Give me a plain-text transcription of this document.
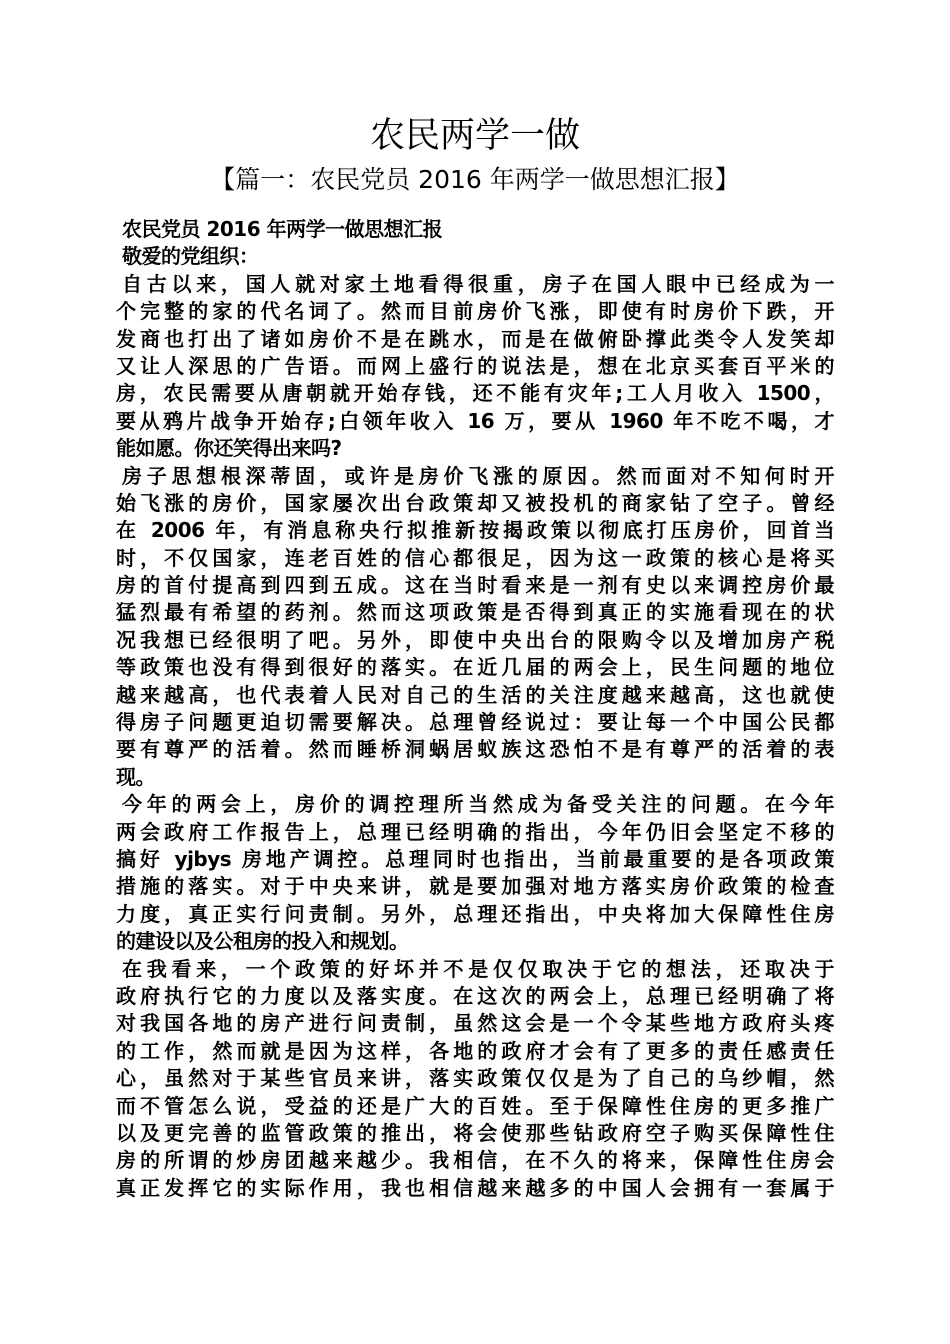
农民两学一做
【篇一：农民党员 2016 年两学一做思想汇报】
农民党员 2016 年两学一做思想汇报
敬爱的党组织：
自古以来，国人就对家土地看得很重，房子在国人眼中已经成为一
个完整的家的代名词了。然而目前房价飞涨，即使有时房价下跌，开
发商也打出了诸如房价不是在跳水，而是在做俯卧撑此类令人发笑却
又让人深思的广告语。而网上盛行的说法是，想在北京买套百平米的
房，农民需要从唐朝就开始存钱，还不能有灾年;工人月收入 1500，
要从鸦片战争开始存;白领年收入 16 万，要从 1960 年不吃不喝，才
能如愿。你还笑得出来吗?
房子思想根深蒂固，或许是房价飞涨的原因。然而面对不知何时开
始飞涨的房价，国家屡次出台政策却又被投机的商家钻了空子。曾经
在 2006 年，有消息称央行拟推新按揭政策以彻底打压房价，回首当
时，不仅国家，连老百姓的信心都很足，因为这一政策的核心是将买
房的首付提高到四到五成。这在当时看来是一剂有史以来调控房价最
猛烈最有希望的药剂。然而这项政策是否得到真正的实施看现在的状
况我想已经很明了吧。另外，即使中央出台的限购令以及增加房产税
等政策也没有得到很好的落实。在近几届的两会上，民生问题的地位
越来越高，也代表着人民对自己的生活的关注度越来越高，这也就使
得房子问题更迫切需要解决。总理曾经说过：要让每一个中国公民都
要有尊严的活着。然而睡桥洞蜗居蚁族这恐怕不是有尊严的活着的表
现。
今年的两会上，房价的调控理所当然成为备受关注的问题。在今年
两会政府工作报告上，总理已经明确的指出，今年仍旧会坚定不移的
搞好 yjbys 房地产调控。总理同时也指出，当前最重要的是各项政策
措施的落实。对于中央来讲，就是要加强对地方落实房价政策的检查
力度，真正实行问责制。另外，总理还指出，中央将加大保障性住房
的建设以及公租房的投入和规划。
在我看来，一个政策的好坏并不是仅仅取决于它的想法，还取决于
政府执行它的力度以及落实度。在这次的两会上，总理已经明确了将
对我国各地的房产进行问责制，虽然这会是一个令某些地方政府头疼
的工作，然而就是因为这样，各地的政府才会有了更多的责任感责任
心，虽然对于某些官员来讲，落实政策仅仅是为了自己的乌纱帽，然
而不管怎么说，受益的还是广大的百姓。至于保障性住房的更多推广
以及更完善的监管政策的推出，将会使那些钻政府空子购买保障性住
房的所谓的炒房团越来越少。我相信，在不久的将来，保障性住房会
真正发挥它的实际作用，我也相信越来越多的中国人会拥有一套属于
